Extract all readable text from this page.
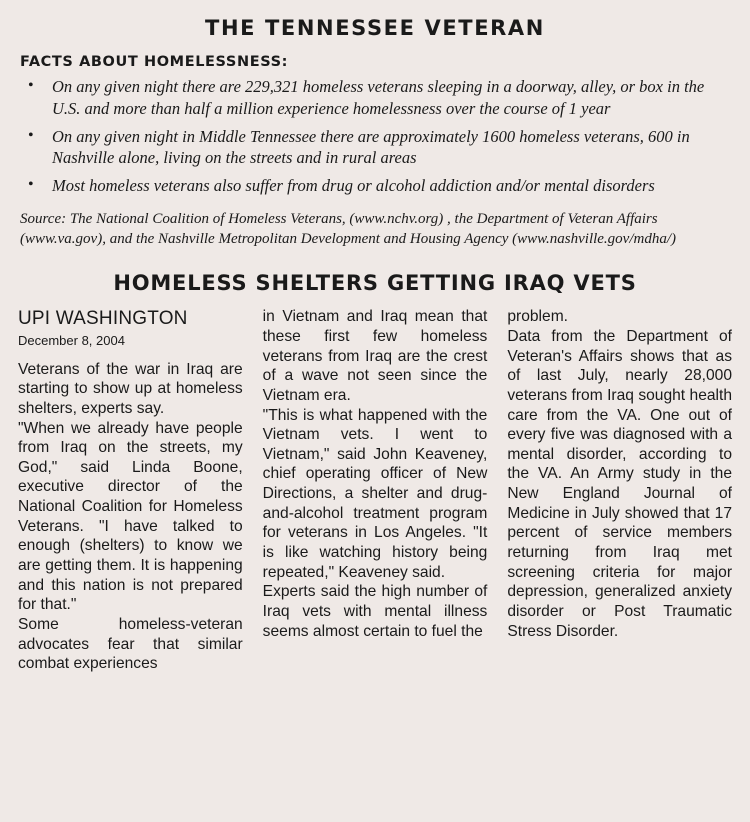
THE TENNESSEE VETERAN
FACTS ABOUT HOMELESSNESS:
• On any given night there are 229,321 homeless veterans sleeping in a doorway, alley, or box in the U.S. and more than half a million experience homelessness over the course of 1 year
• On any given night in Middle Tennessee there are approximately 1600 homeless veterans, 600 in Nashville alone, living on the streets and in rural areas
• Most homeless veterans also suffer from drug or alcohol addiction and/or mental disorders
Source: The National Coalition of Homeless Veterans, (www.nchv.org) , the Department of Veteran Affairs (www.va.gov), and the Nashville Metropolitan Development and Housing Agency (www.nashville.gov/mdha/)
HOMELESS SHELTERS GETTING IRAQ VETS
UPI WASHINGTON
December 8, 2004

Veterans of the war in Iraq are starting to show up at homeless shelters, experts say.

"When we already have people from Iraq on the streets, my God," said Linda Boone, executive director of the National Coalition for Homeless Veterans. "I have talked to enough (shelters) to know we are getting them. It is happening and this nation is not prepared for that."

Some homeless-veteran advocates fear that similar combat experiences

in Vietnam and Iraq mean that these first few homeless veterans from Iraq are the crest of a wave not seen since the Vietnam era.

"This is what happened with the Vietnam vets. I went to Vietnam," said John Keaveney, chief operating officer of New Directions, a shelter and drug-and-alcohol treatment program for veterans in Los Angeles. "It is like watching history being repeated," Keaveney said.

Experts said the high number of Iraq vets with mental illness seems almost certain to fuel the

problem.

Data from the Department of Veteran's Affairs shows that as of last July, nearly 28,000 veterans from Iraq sought health care from the VA. One out of every five was diagnosed with a mental disorder, according to the VA. An Army study in the New England Journal of Medicine in July showed that 17 percent of service members returning from Iraq met screening criteria for major depression, generalized anxiety disorder or Post Traumatic Stress Disorder.
